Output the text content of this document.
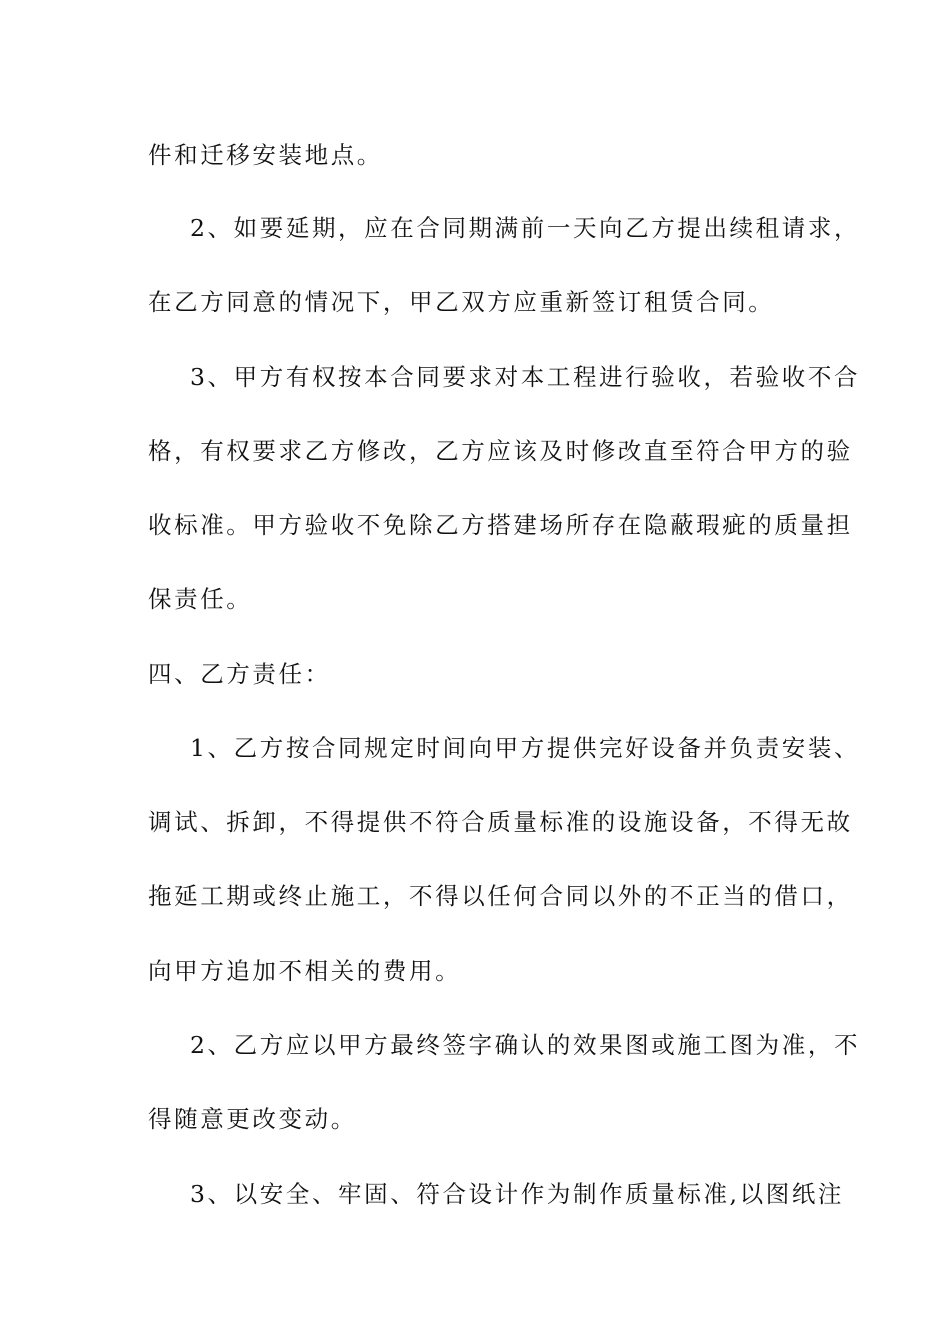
件和迁移安装地点。
2、如要延期，应在合同期满前一天向乙方提出续租请求，
在乙方同意的情况下，甲乙双方应重新签订租赁合同。
3、甲方有权按本合同要求对本工程进行验收，若验收不合
格，有权要求乙方修改，乙方应该及时修改直至符合甲方的验
收标准。甲方验收不免除乙方搭建场所存在隐蔽瑕疵的质量担
保责任。
四、乙方责任：
1、乙方按合同规定时间向甲方提供完好设备并负责安装、
调试、拆卸，不得提供不符合质量标准的设施设备，不得无故
拖延工期或终止施工，不得以任何合同以外的不正当的借口，
向甲方追加不相关的费用。
2、乙方应以甲方最终签字确认的效果图或施工图为准，不
得随意更改变动。
3、以安全、牢固、符合设计作为制作质量标准,以图纸注
